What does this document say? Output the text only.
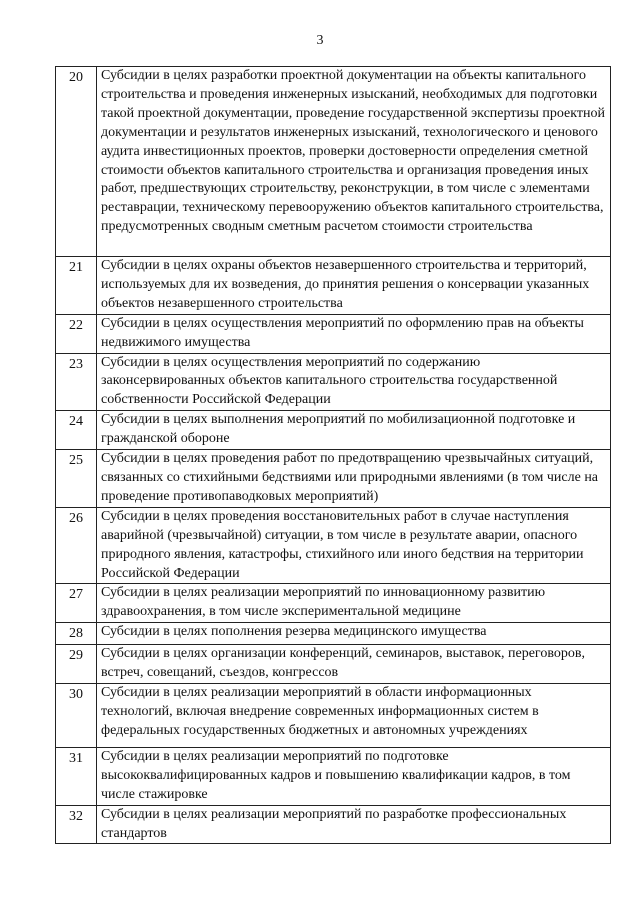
3
20	Субсидии в целях разработки проектной документации на объекты капитального строительства и проведения инженерных изысканий, необходимых для подготовки такой проектной документации, проведение государственной экспертизы проектной документации и результатов инженерных изысканий, технологического и ценового аудита инвестиционных проектов, проверки достоверности определения сметной стоимости объектов капитального строительства и организация проведения иных работ, предшествующих строительству, реконструкции, в том числе с элементами реставрации, техническому перевооружению объектов капитального строительства, предусмотренных сводным сметным расчетом стоимости строительства
21	Субсидии в целях охраны объектов незавершенного строительства и территорий, используемых для их возведения, до принятия решения о консервации указанных объектов незавершенного строительства
22	Субсидии в целях осуществления мероприятий по оформлению прав на объекты недвижимого имущества
23	Субсидии в целях осуществления мероприятий по содержанию законсервированных объектов капитального строительства государственной собственности Российской Федерации
24	Субсидии в целях выполнения мероприятий по мобилизационной подготовке и гражданской обороне
25	Субсидии в целях проведения работ по предотвращению чрезвычайных ситуаций, связанных со стихийными бедствиями или природными явлениями (в том числе на проведение противопаводковых мероприятий)
26	Субсидии в целях проведения восстановительных работ в случае наступления аварийной (чрезвычайной) ситуации, в том числе в результате аварии, опасного природного явления, катастрофы, стихийного или иного бедствия на территории Российской Федерации
27	Субсидии в целях реализации мероприятий по инновационному развитию здравоохранения, в том числе экспериментальной медицине
28	Субсидии в целях пополнения резерва медицинского имущества
29	Субсидии в целях организации конференций, семинаров, выставок, переговоров, встреч, совещаний, съездов, конгрессов
30	Субсидии в целях реализации мероприятий в области информационных технологий, включая внедрение современных информационных систем в федеральных государственных бюджетных и автономных учреждениях
31	Субсидии в целях реализации мероприятий по подготовке высококвалифицированных кадров и повышению квалификации кадров, в том числе стажировке
32	Субсидии в целях реализации мероприятий по разработке профессиональных стандартов
